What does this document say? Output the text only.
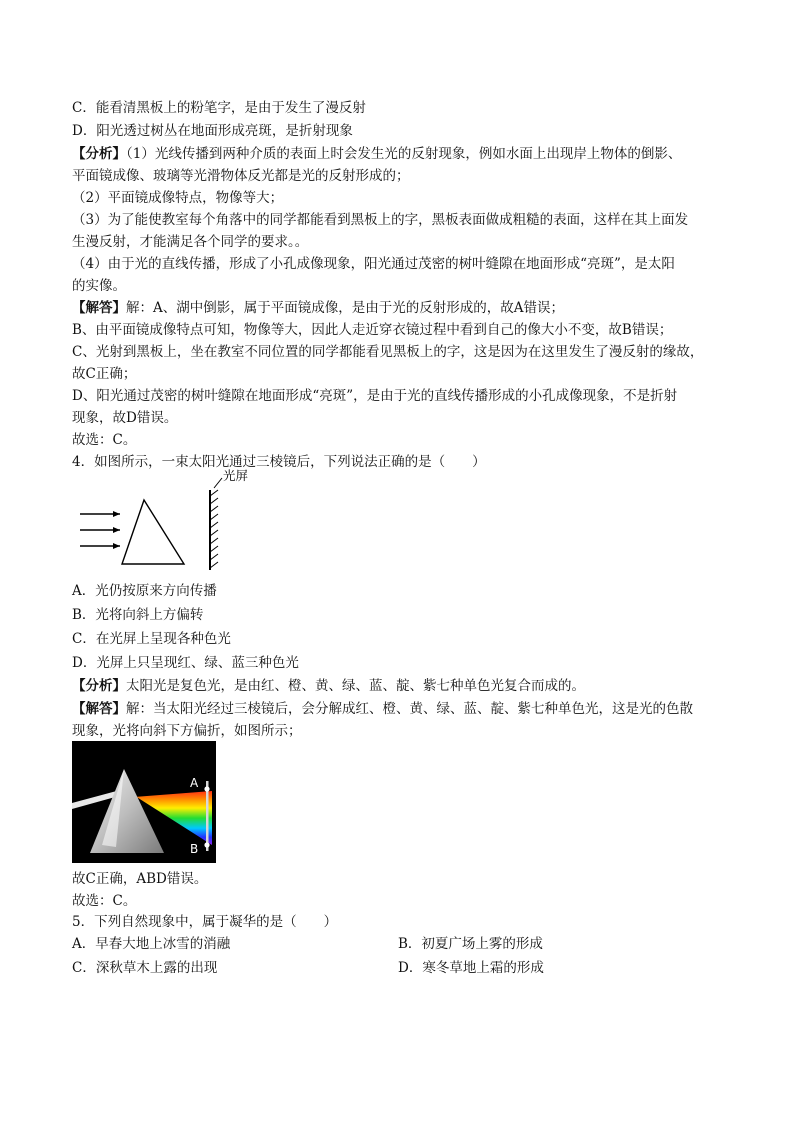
C．能看清黑板上的粉笔字，是由于发生了漫反射
D．阳光透过树丛在地面形成亮斑，是折射现象
【分析】（1）光线传播到两种介质的表面上时会发生光的反射现象，例如水面上出现岸上物体的倒影、
平面镜成像、玻璃等光滑物体反光都是光的反射形成的；
（2）平面镜成像特点，物像等大；
（3）为了能使教室每个角落中的同学都能看到黑板上的字，黑板表面做成粗糙的表面，这样在其上面发
生漫反射，才能满足各个同学的要求。。
（4）由于光的直线传播，形成了小孔成像现象，阳光通过茂密的树叶缝隙在地面形成“亮斑”，是太阳
的实像。
【解答】解：A、湖中倒影，属于平面镜成像，是由于光的反射形成的，故A错误；
B、由平面镜成像特点可知，物像等大，因此人走近穿衣镜过程中看到自己的像大小不变，故B错误；
C、光射到黑板上，坐在教室不同位置的同学都能看见黑板上的字，这是因为在这里发生了漫反射的缘故，
故C正确；
D、阳光通过茂密的树叶缝隙在地面形成“亮斑”，是由于光的直线传播形成的小孔成像现象，不是折射
现象，故D错误。
故选：C。
4．如图所示，一束太阳光通过三棱镜后，下列说法正确的是（　　）
光屏
A．光仍按原来方向传播
B．光将向斜上方偏转
C．在光屏上呈现各种色光
D．光屏上只呈现红、绿、蓝三种色光
【分析】太阳光是复色光，是由红、橙、黄、绿、蓝、靛、紫七种单色光复合而成的。
【解答】解：当太阳光经过三棱镜后，会分解成红、橙、黄、绿、蓝、靛、紫七种单色光，这是光的色散
现象，光将向斜下方偏折，如图所示；
A
B
故C正确，ABD错误。
故选：C。
5．下列自然现象中，属于凝华的是（　　）
A．早春大地上冰雪的消融	B．初夏广场上雾的形成
C．深秋草木上露的出现	D．寒冬草地上霜的形成
